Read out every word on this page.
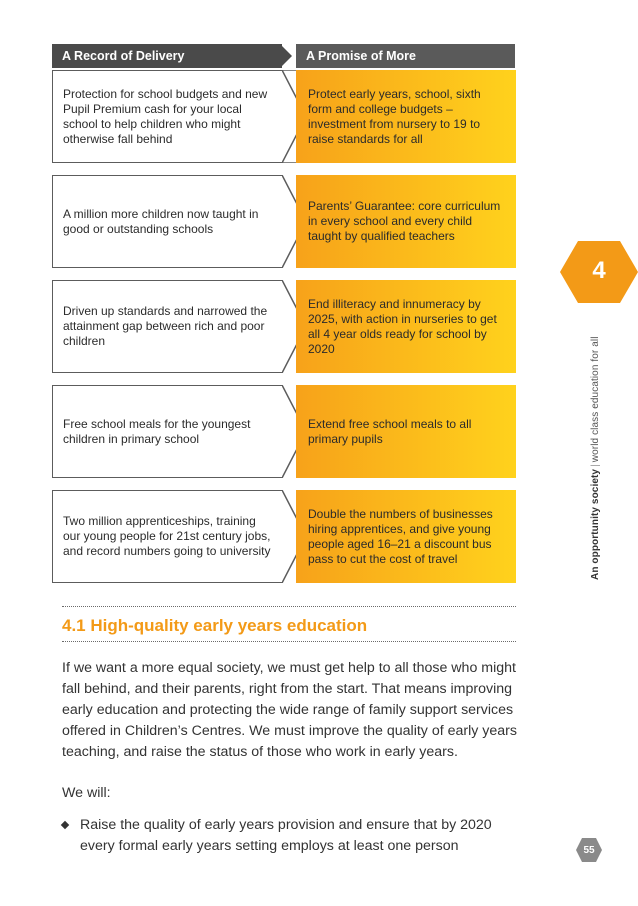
A Record of Delivery	A Promise of More
Protection for school budgets and new Pupil Premium cash for your local school to help children who might otherwise fall behind
Protect early years, school, sixth form and college budgets – investment from nursery to 19 to raise standards for all
A million more children now taught in good or outstanding schools
Parents’ Guarantee: core curriculum in every school and every child taught by qualified teachers
Driven up standards and narrowed the attainment gap between rich and poor children
End illiteracy and innumeracy by 2025, with action in nurseries to get all 4 year olds ready for school by 2020
Free school meals for the youngest children in primary school
Extend free school meals to all primary pupils
Two million apprenticeships, training our young people for 21st century jobs, and record numbers going to university
Double the numbers of businesses hiring apprentices, and give young people aged 16–21 a discount bus pass to cut the cost of travel
4.1 High-quality early years education
If we want a more equal society, we must get help to all those who might fall behind, and their parents, right from the start. That means improving early education and protecting the wide range of family support services offered in Children’s Centres. We must improve the quality of early years teaching, and raise the status of those who work in early years.
We will:
Raise the quality of early years provision and ensure that by 2020 every formal early years setting employs at least one person
4
An opportunity society|world class education for all
55
